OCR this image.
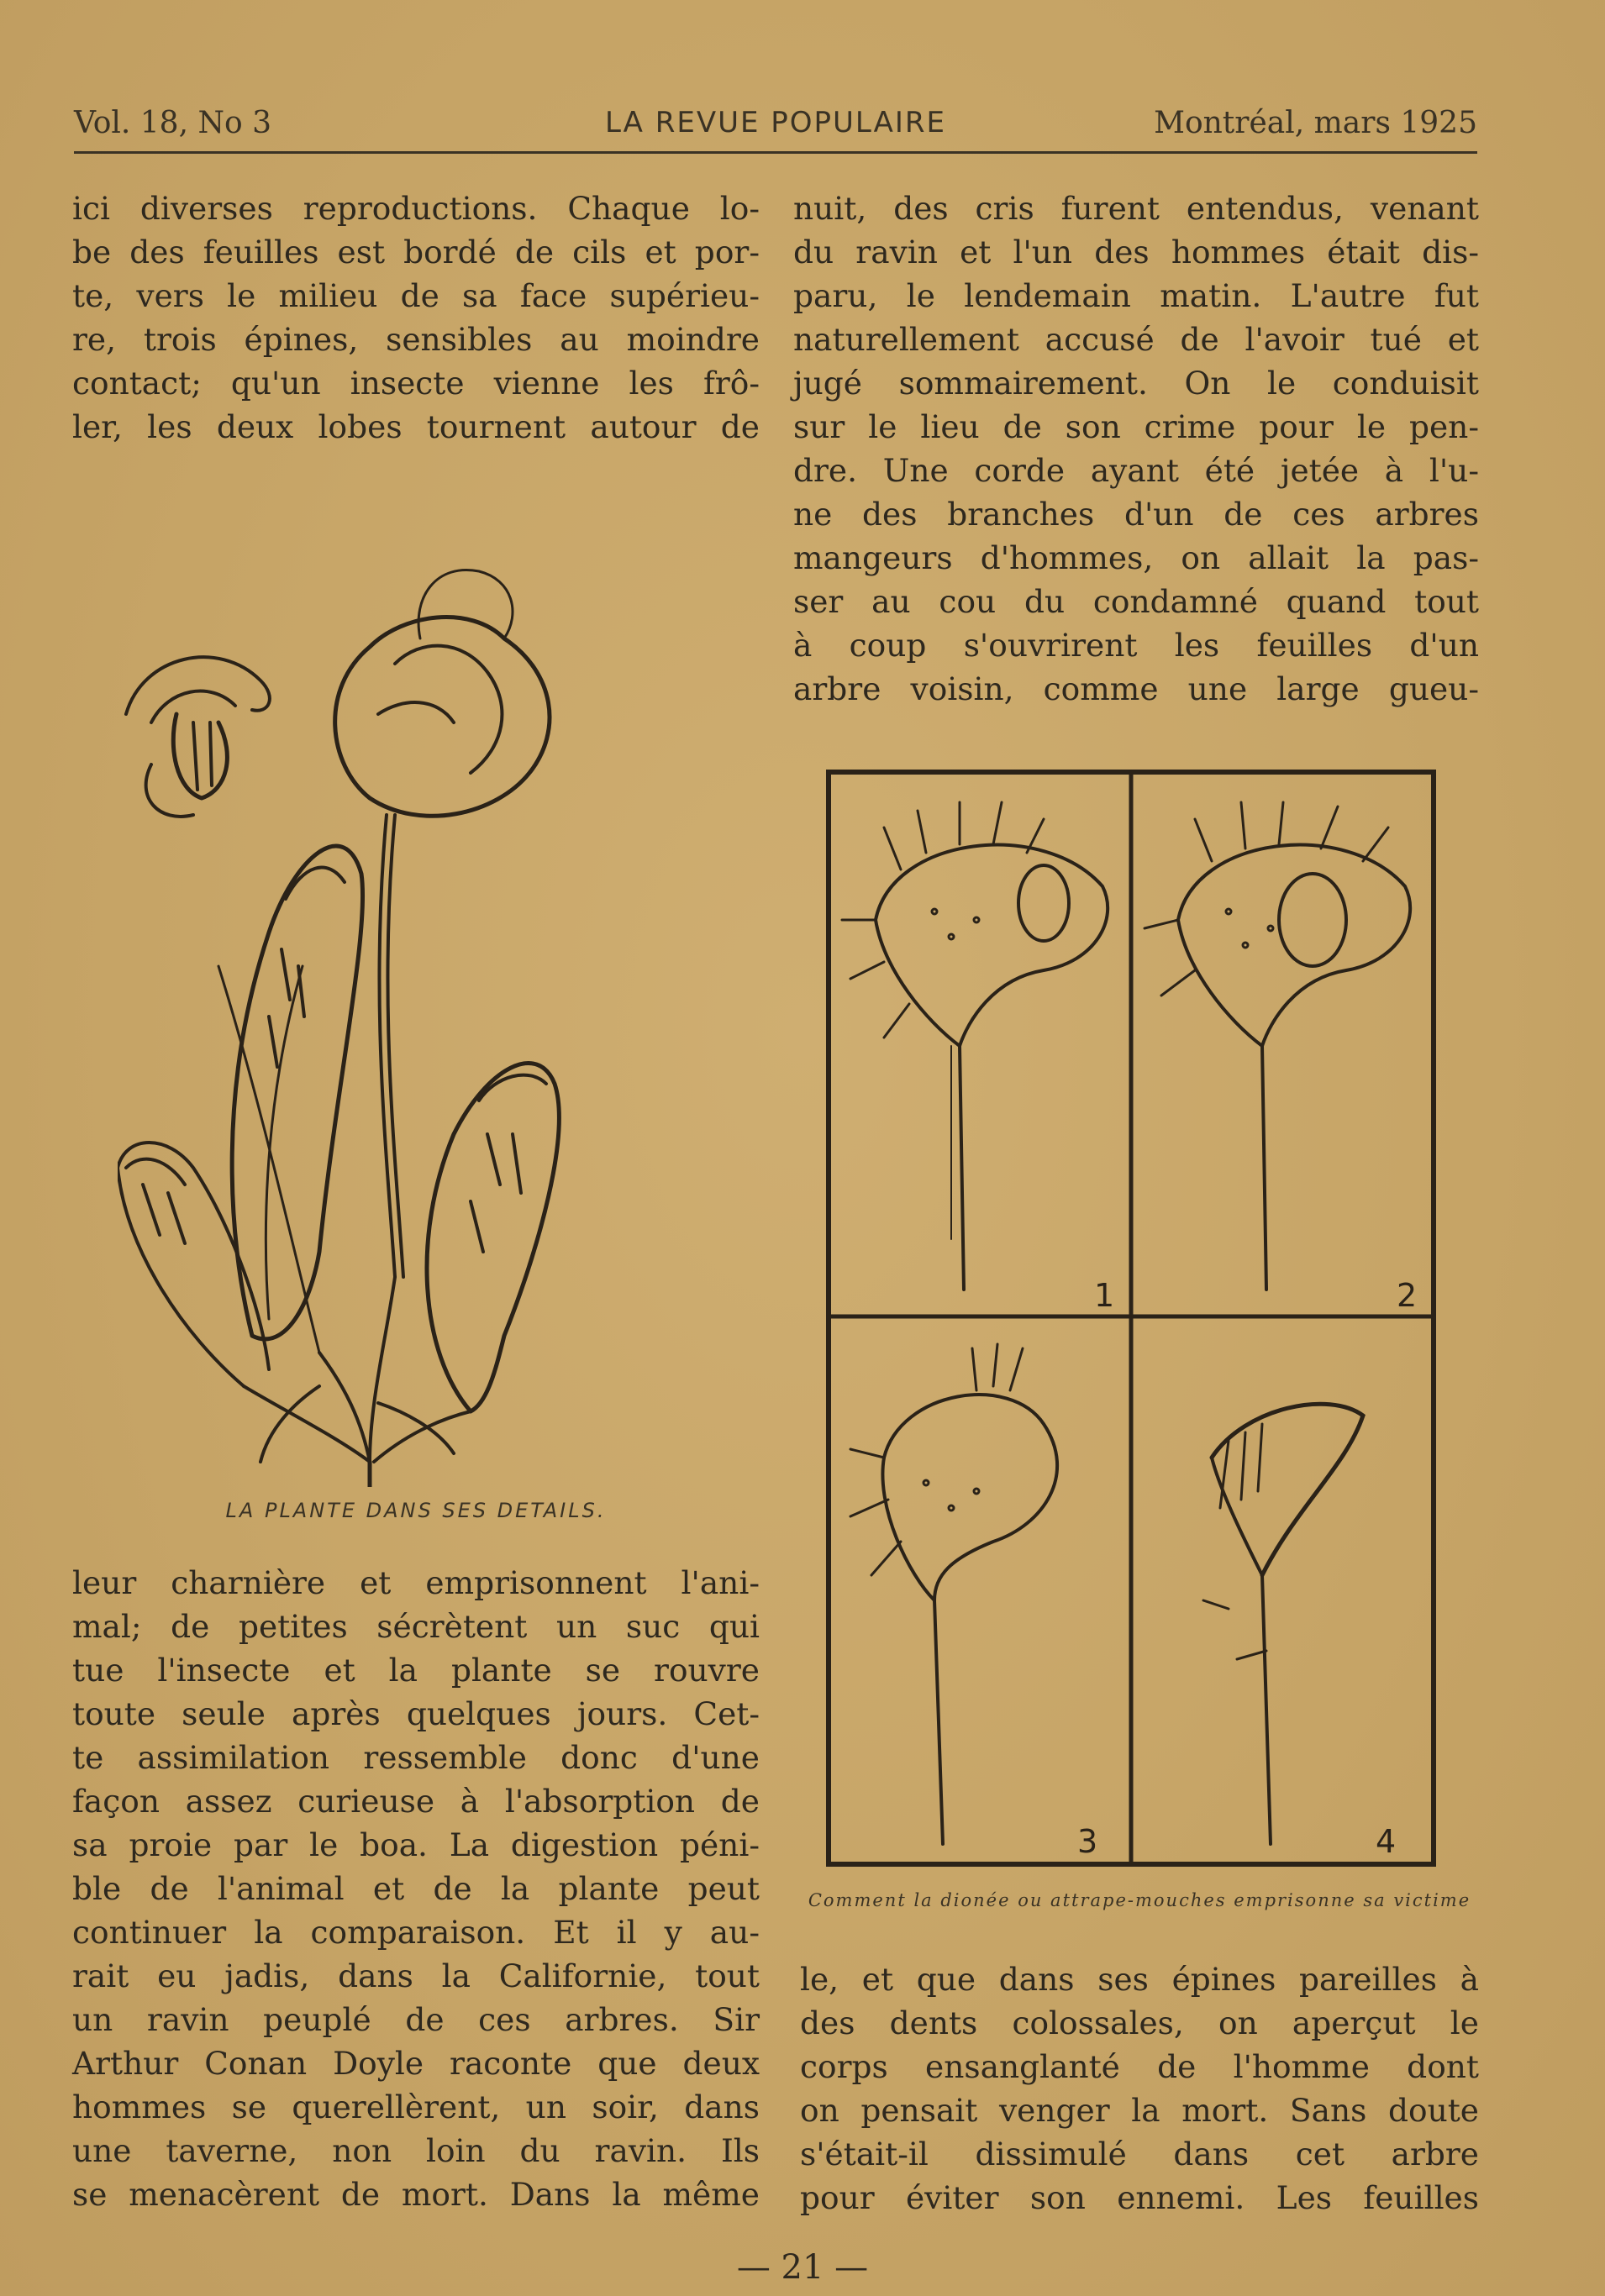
Vol. 18, No 3	LA REVUE POPULAIRE	Montréal, mars 1925
ici diverses reproductions. Chaque lo-
be des feuilles est bordé de cils et por-
te, vers le milieu de sa face supérieu-
re, trois épines, sensibles au moindre
contact; qu'un insecte vienne les frô-
ler, les deux lobes tournent autour de
nuit, des cris furent entendus, venant
du ravin et l'un des hommes était dis-
paru, le lendemain matin. L'autre fut
naturellement accusé de l'avoir tué et
jugé sommairement. On le conduisit
sur le lieu de son crime pour le pen-
dre. Une corde ayant été jetée à l'u-
ne des branches d'un de ces arbres
mangeurs d'hommes, on allait la pas-
ser au cou du condamné quand tout
à coup s'ouvrirent les feuilles d'un
arbre voisin, comme une large gueu-
LA PLANTE DANS SES DETAILS.
1	2
3	4
Comment la dionée ou attrape-mouches emprisonne sa victime
leur charnière et emprisonnent l'ani-
mal; de petites sécrètent un suc qui
tue l'insecte et la plante se rouvre
toute seule après quelques jours. Cet-
te assimilation ressemble donc d'une
façon assez curieuse à l'absorption de
sa proie par le boa. La digestion péni-
ble de l'animal et de la plante peut
continuer la comparaison. Et il y au-
rait eu jadis, dans la Californie, tout
un ravin peuplé de ces arbres. Sir
Arthur Conan Doyle raconte que deux
hommes se querellèrent, un soir, dans
une taverne, non loin du ravin. Ils
se menacèrent de mort. Dans la même
le, et que dans ses épines pareilles à
des dents colossales, on aperçut le
corps ensanglanté de l'homme dont
on pensait venger la mort. Sans doute
s'était-il dissimulé dans cet arbre
pour éviter son ennemi. Les feuilles
— 21 —
